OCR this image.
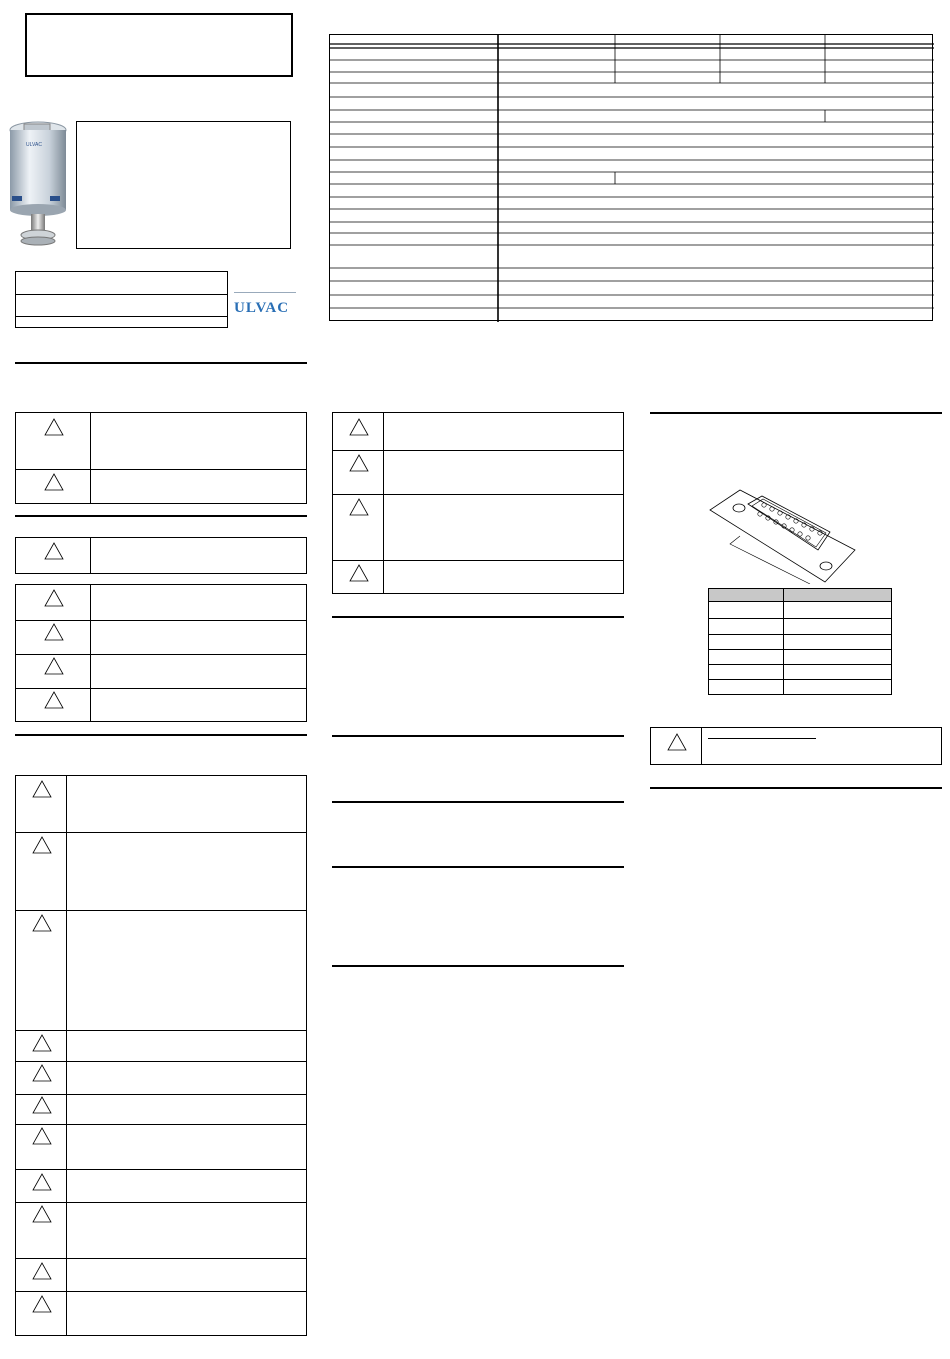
ULVAC
ULVAC
